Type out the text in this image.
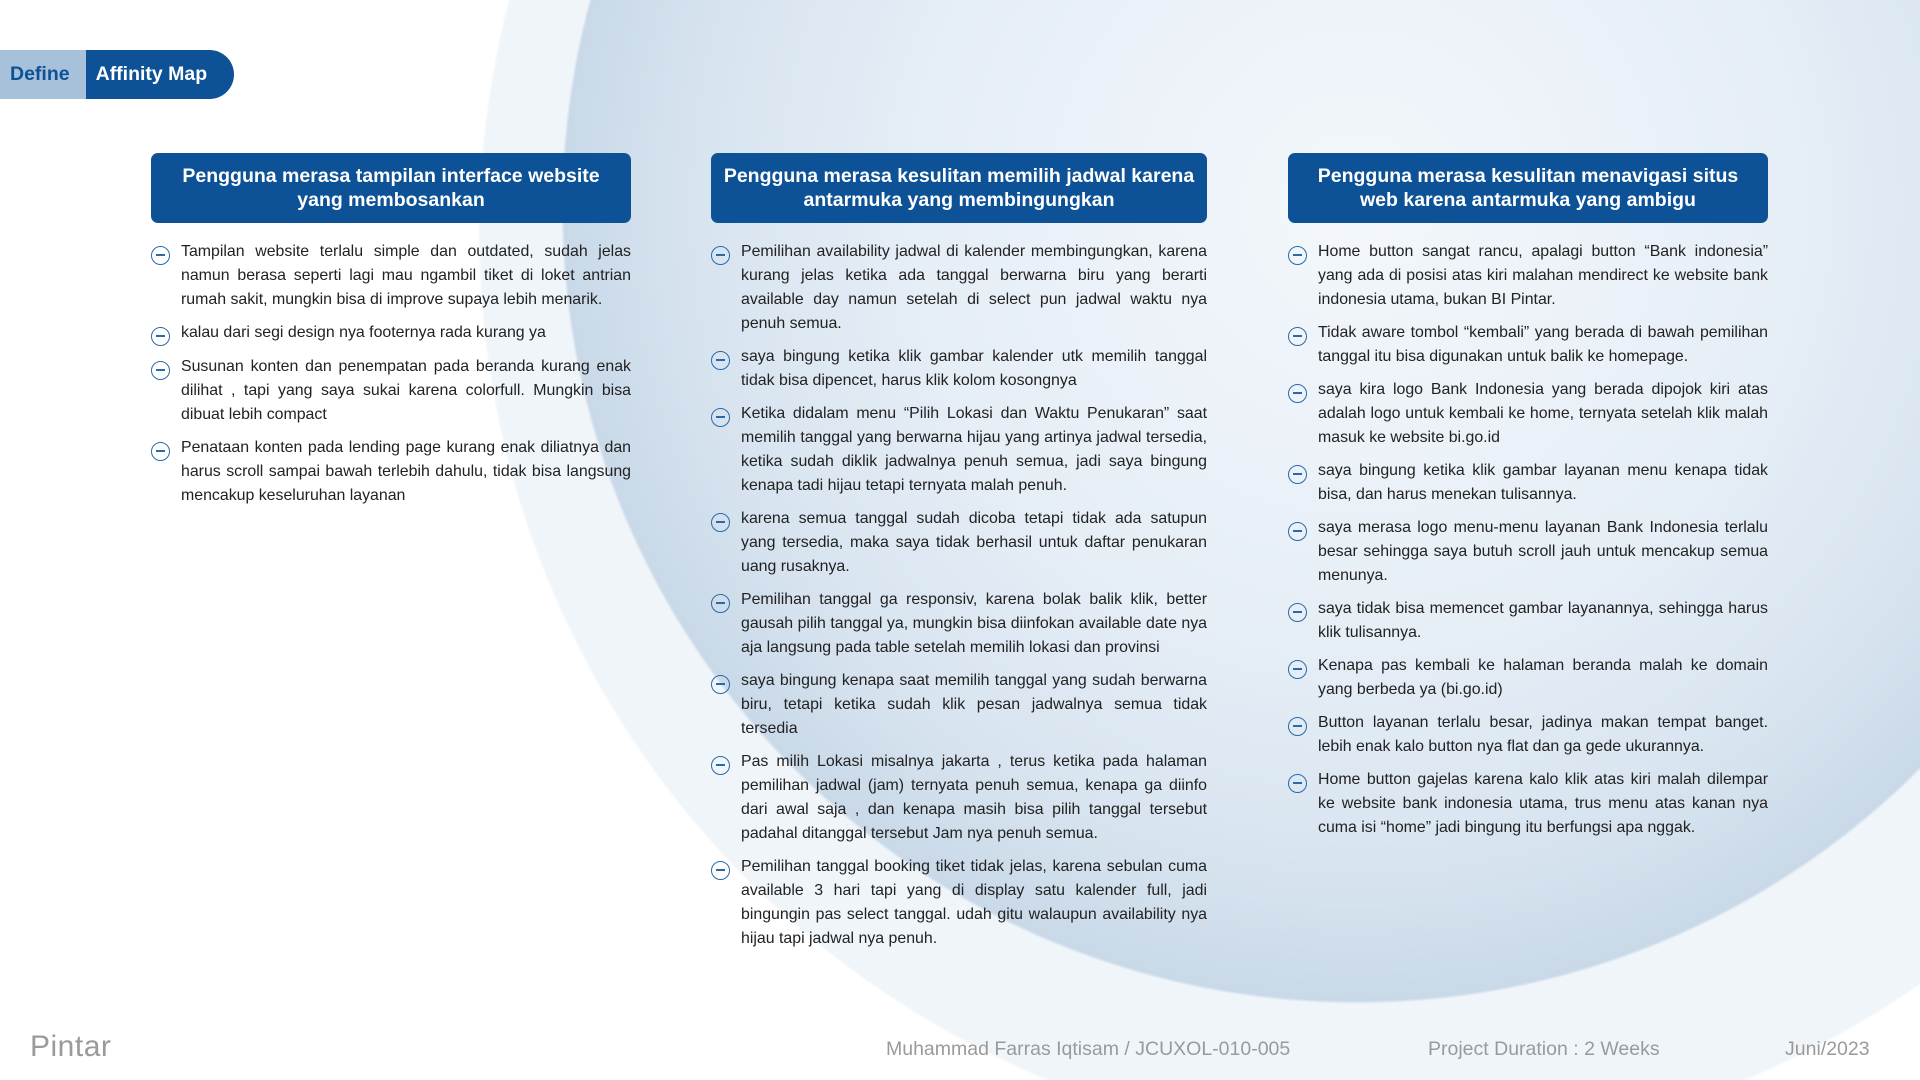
Define	Affinity Map
Pengguna merasa tampilan interface website yang membosankan
Tampilan website terlalu simple dan outdated, sudah jelas namun berasa seperti lagi mau ngambil tiket di loket antrian rumah sakit, mungkin bisa di improve supaya lebih menarik.
kalau dari segi design nya footernya rada kurang ya
Susunan konten dan penempatan pada beranda kurang enak dilihat , tapi yang saya sukai karena colorfull. Mungkin bisa dibuat lebih compact
Penataan konten pada lending page kurang enak diliatnya dan harus scroll sampai bawah terlebih dahulu, tidak bisa langsung mencakup keseluruhan layanan
Pengguna merasa kesulitan memilih jadwal karena antarmuka yang membingungkan
Pemilihan availability jadwal di kalender membingungkan, karena kurang jelas ketika ada tanggal berwarna biru yang berarti available day namun setelah di select pun jadwal waktu nya penuh semua.
saya bingung ketika klik gambar kalender utk memilih tanggal tidak bisa dipencet, harus klik kolom kosongnya
Ketika didalam menu “Pilih Lokasi dan Waktu Penukaran” saat memilih tanggal yang berwarna hijau yang artinya jadwal tersedia, ketika sudah diklik jadwalnya penuh semua, jadi saya bingung kenapa tadi hijau tetapi ternyata malah penuh.
karena semua tanggal sudah dicoba tetapi tidak ada satupun yang tersedia, maka saya tidak berhasil untuk daftar penukaran uang rusaknya.
Pemilihan tanggal ga responsiv, karena bolak balik klik, better gausah pilih tanggal ya, mungkin bisa diinfokan available date nya aja langsung pada table setelah memilih lokasi dan provinsi
saya bingung kenapa saat memilih tanggal yang sudah berwarna biru, tetapi ketika sudah klik pesan jadwalnya semua tidak tersedia
Pas milih Lokasi misalnya jakarta , terus ketika pada halaman pemilihan jadwal (jam) ternyata penuh semua, kenapa ga diinfo dari awal saja , dan kenapa masih bisa pilih tanggal tersebut padahal ditanggal tersebut Jam nya penuh semua.
Pemilihan tanggal booking tiket tidak jelas, karena sebulan cuma available 3 hari tapi yang di display satu kalender full, jadi bingungin pas select tanggal. udah gitu walaupun availability nya hijau tapi jadwal nya penuh.
Pengguna merasa kesulitan menavigasi situs web karena antarmuka yang ambigu
Home button sangat rancu, apalagi button “Bank indonesia” yang ada di posisi atas kiri malahan mendirect ke website bank indonesia utama, bukan BI Pintar.
Tidak aware tombol “kembali” yang berada di bawah pemilihan tanggal itu bisa digunakan untuk balik ke homepage.
saya kira logo Bank Indonesia yang berada dipojok kiri atas adalah logo untuk kembali ke home, ternyata setelah klik malah masuk ke website bi.go.id
saya bingung ketika klik gambar layanan menu kenapa tidak bisa, dan harus menekan tulisannya.
saya merasa logo menu-menu layanan Bank Indonesia terlalu besar sehingga saya butuh scroll jauh untuk mencakup semua menunya.
saya tidak bisa memencet gambar layanannya, sehingga harus klik tulisannya.
Kenapa pas kembali ke halaman beranda malah ke domain yang berbeda ya (bi.go.id)
Button layanan terlalu besar, jadinya makan tempat banget. lebih enak kalo button nya flat dan ga gede ukurannya.
Home button gajelas karena kalo klik atas kiri malah dilempar ke website bank indonesia utama, trus menu atas kanan nya cuma isi “home” jadi bingung itu berfungsi apa nggak.
Pintar	Muhammad Farras Iqtisam / JCUXOL-010-005	Project Duration : 2 Weeks	Juni/2023
